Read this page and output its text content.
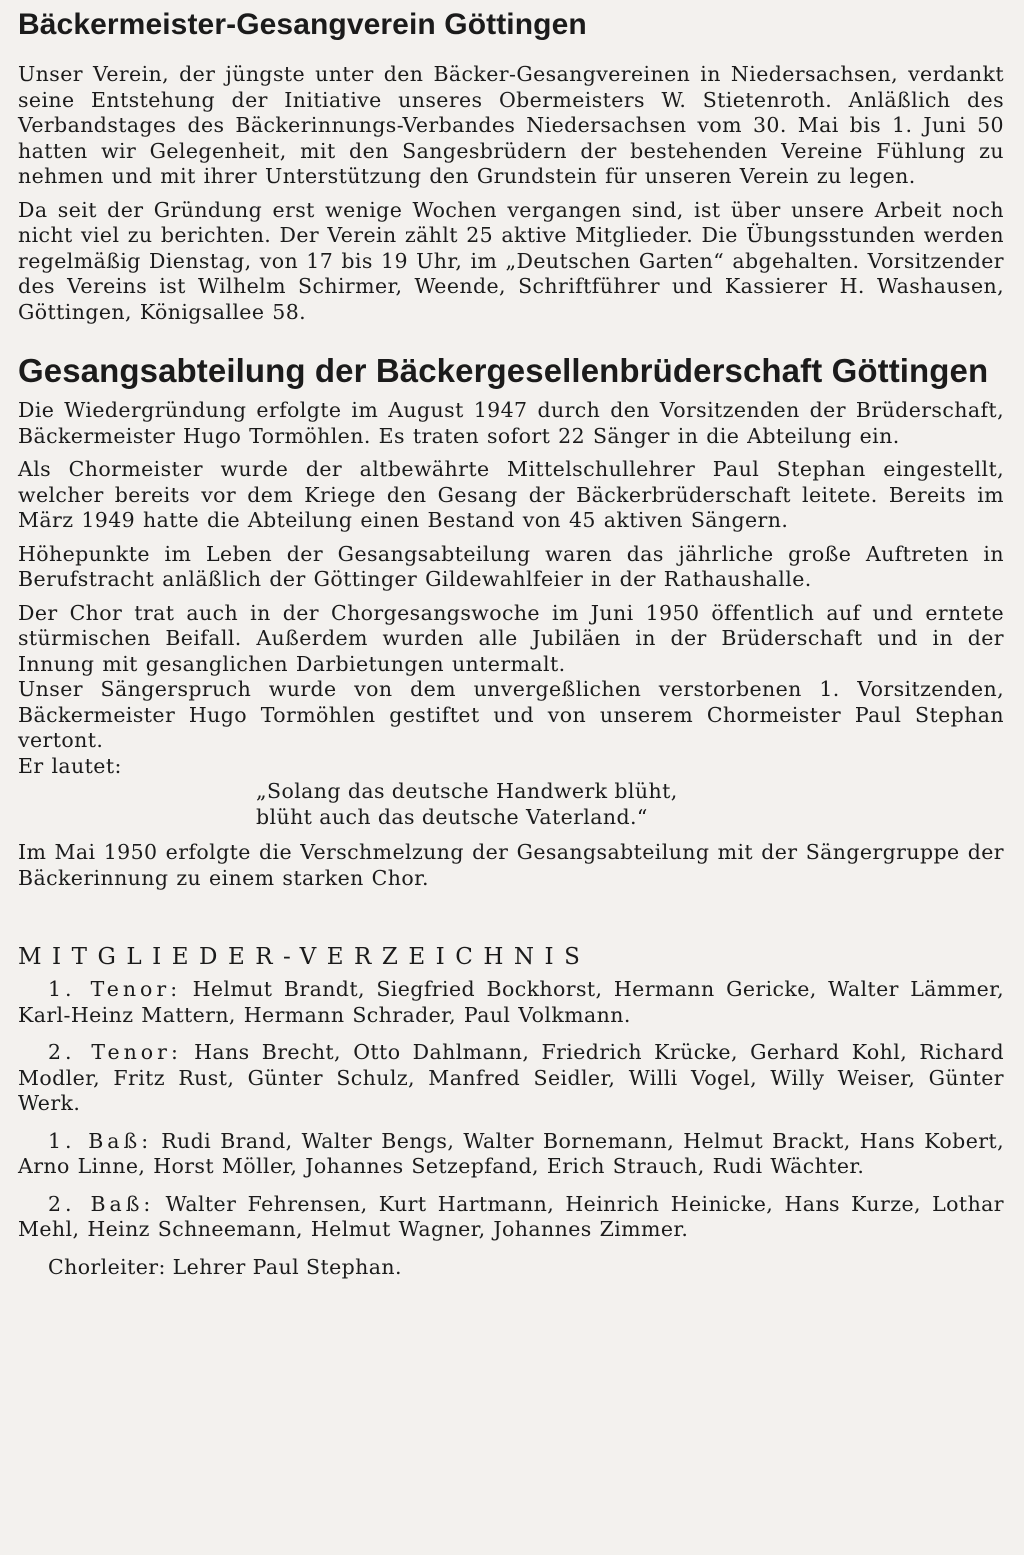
Bäckermeister-Gesangverein Göttingen

Unser Verein, der jüngste unter den Bäcker-Gesangvereinen in Niedersachsen, verdankt seine Entstehung der Initiative unseres Obermeisters W. Stietenroth. Anläßlich des Verbandstages des Bäckerinnungs-Verbandes Niedersachsen vom 30. Mai bis 1. Juni 50 hatten wir Gelegenheit, mit den Sangesbrüdern der bestehenden Vereine Fühlung zu nehmen und mit ihrer Unterstützung den Grundstein für unseren Verein zu legen.

Da seit der Gründung erst wenige Wochen vergangen sind, ist über unsere Arbeit noch nicht viel zu berichten. Der Verein zählt 25 aktive Mitglieder. Die Übungsstunden werden regelmäßig Dienstag, von 17 bis 19 Uhr, im „Deutschen Garten“ abgehalten. Vorsitzender des Vereins ist Wilhelm Schirmer, Weende, Schriftführer und Kassierer H. Washausen, Göttingen, Königsallee 58.

Gesangsabteilung der Bäckergesellenbrüderschaft Göttingen

Die Wiedergründung erfolgte im August 1947 durch den Vorsitzenden der Brüderschaft, Bäckermeister Hugo Tormöhlen. Es traten sofort 22 Sänger in die Abteilung ein.

Als Chormeister wurde der altbewährte Mittelschullehrer Paul Stephan eingestellt, welcher bereits vor dem Kriege den Gesang der Bäckerbrüderschaft leitete. Bereits im März 1949 hatte die Abteilung einen Bestand von 45 aktiven Sängern.

Höhepunkte im Leben der Gesangsabteilung waren das jährliche große Auftreten in Berufstracht anläßlich der Göttinger Gildewahlfeier in der Rathaushalle.

Der Chor trat auch in der Chorgesangswoche im Juni 1950 öffentlich auf und erntete stürmischen Beifall. Außerdem wurden alle Jubiläen in der Brüderschaft und in der Innung mit gesanglichen Darbietungen untermalt.

Unser Sängerspruch wurde von dem unvergeßlichen verstorbenen 1. Vorsitzenden, Bäckermeister Hugo Tormöhlen gestiftet und von unserem Chormeister Paul Stephan vertont.

Er lautet:

„Solang das deutsche Handwerk blüht,
blüht auch das deutsche Vaterland.“

Im Mai 1950 erfolgte die Verschmelzung der Gesangsabteilung mit der Sängergruppe der Bäckerinnung zu einem starken Chor.

MITGLIEDER-VERZEICHNIS

1. Tenor: Helmut Brandt, Siegfried Bockhorst, Hermann Gericke, Walter Lämmer, Karl-Heinz Mattern, Hermann Schrader, Paul Volkmann.

2. Tenor: Hans Brecht, Otto Dahlmann, Friedrich Krücke, Gerhard Kohl, Richard Modler, Fritz Rust, Günter Schulz, Manfred Seidler, Willi Vogel, Willy Weiser, Günter Werk.

1. Baß: Rudi Brand, Walter Bengs, Walter Bornemann, Helmut Brackt, Hans Kobert, Arno Linne, Horst Möller, Johannes Setzepfand, Erich Strauch, Rudi Wächter.

2. Baß: Walter Fehrensen, Kurt Hartmann, Heinrich Heinicke, Hans Kurze, Lothar Mehl, Heinz Schneemann, Helmut Wagner, Johannes Zimmer.

Chorleiter: Lehrer Paul Stephan.
